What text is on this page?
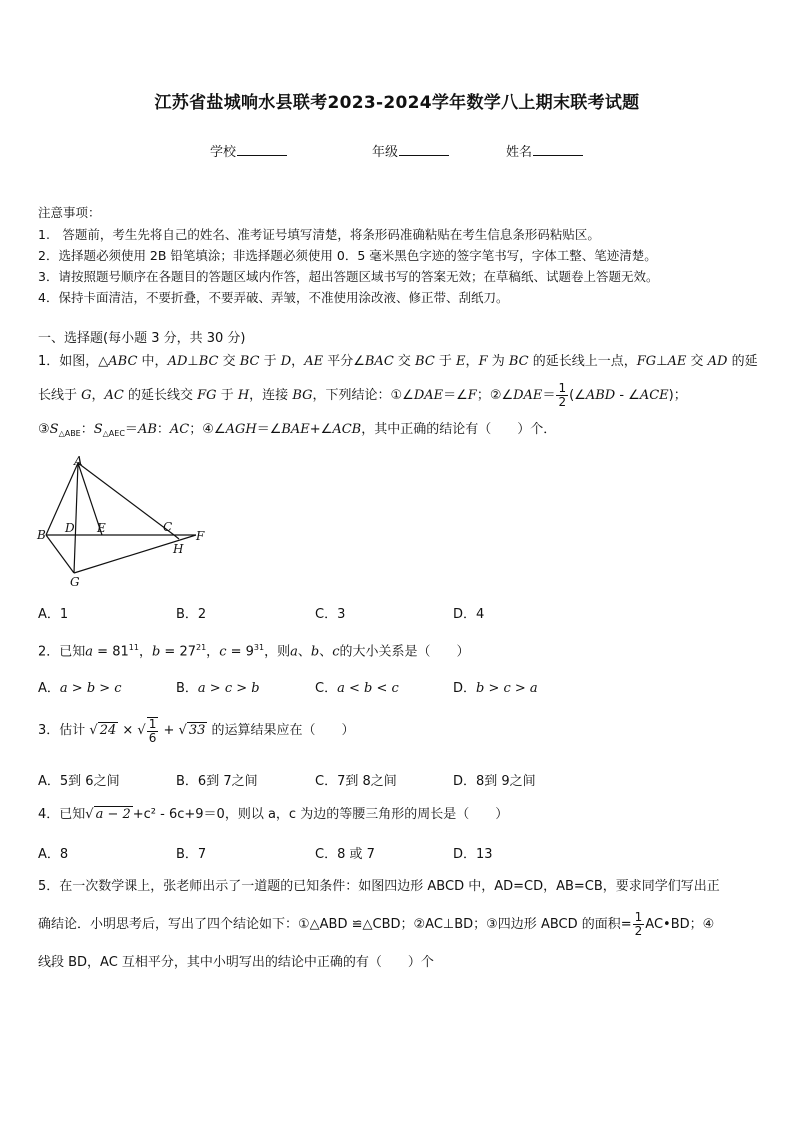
江苏省盐城响水县联考2023-2024学年数学八上期末联考试题
学校	年级	姓名
注意事项：
1.　答题前，考生先将自己的姓名、准考证号填写清楚，将条形码准确粘贴在考生信息条形码粘贴区。
2．选择题必须使用 2B 铅笔填涂；非选择题必须使用 0．5 毫米黑色字迹的签字笔书写，字体工整、笔迹清楚。
3．请按照题号顺序在各题目的答题区域内作答，超出答题区域书写的答案无效；在草稿纸、试题卷上答题无效。
4．保持卡面清洁，不要折叠，不要弄破、弄皱，不准使用涂改液、修正带、刮纸刀。
一、选择题(每小题 3 分，共 30 分)
1．如图，△ABC 中，AD⊥BC 交 BC 于 D，AE 平分∠BAC 交 BC 于 E，F 为 BC 的延长线上一点，FG⊥AE 交 AD 的延
长线于 G，AC 的延长线交 FG 于 H，连接 BG，下列结论：①∠DAE＝∠F；②∠DAE＝ $\frac{1}{2}$ (∠ABD - ∠ACE)；
$③S_{\triangle ABE}$：$S_{\triangle AEC}=AB$：AC；④∠AGH＝∠BAE+∠ACB，其中正确的结论有（　　）个．
A
B D E	C
F
H
G
A．1	B．2	C．3	D．4
2．已知$a = 81^{11}$，$b = 27^{21}$，$c = 9^{31}$，则a、b、c的大小关系是（　　）
A．a > b > c	B．a > c > b	C．a < b < c	D．b > c > a
3．估计 √ 24 × √ $\frac{1}{6}$ + √ 33 的运算结果应在（　　）
A．5到 6之间	B．6到 7之间	C．7到 8之间	D．8到 9之间
4．已知√ a − 2 +c² - 6c+9＝0，则以 a，c 为边的等腰三角形的周长是（　　）
A．8	B．7	C．8 或 7	D．13
5．在一次数学课上，张老师出示了一道题的已知条件：如图四边形 ABCD 中，AD=CD，AB=CB，要求同学们写出正
确结论．小明思考后，写出了四个结论如下：①△ABD ≌△CBD；②AC⊥BD；③四边形 ABCD 的面积= $\frac{1}{2}$ AC•BD；④
线段 BD，AC 互相平分，其中小明写出的结论中正确的有（　　）个
